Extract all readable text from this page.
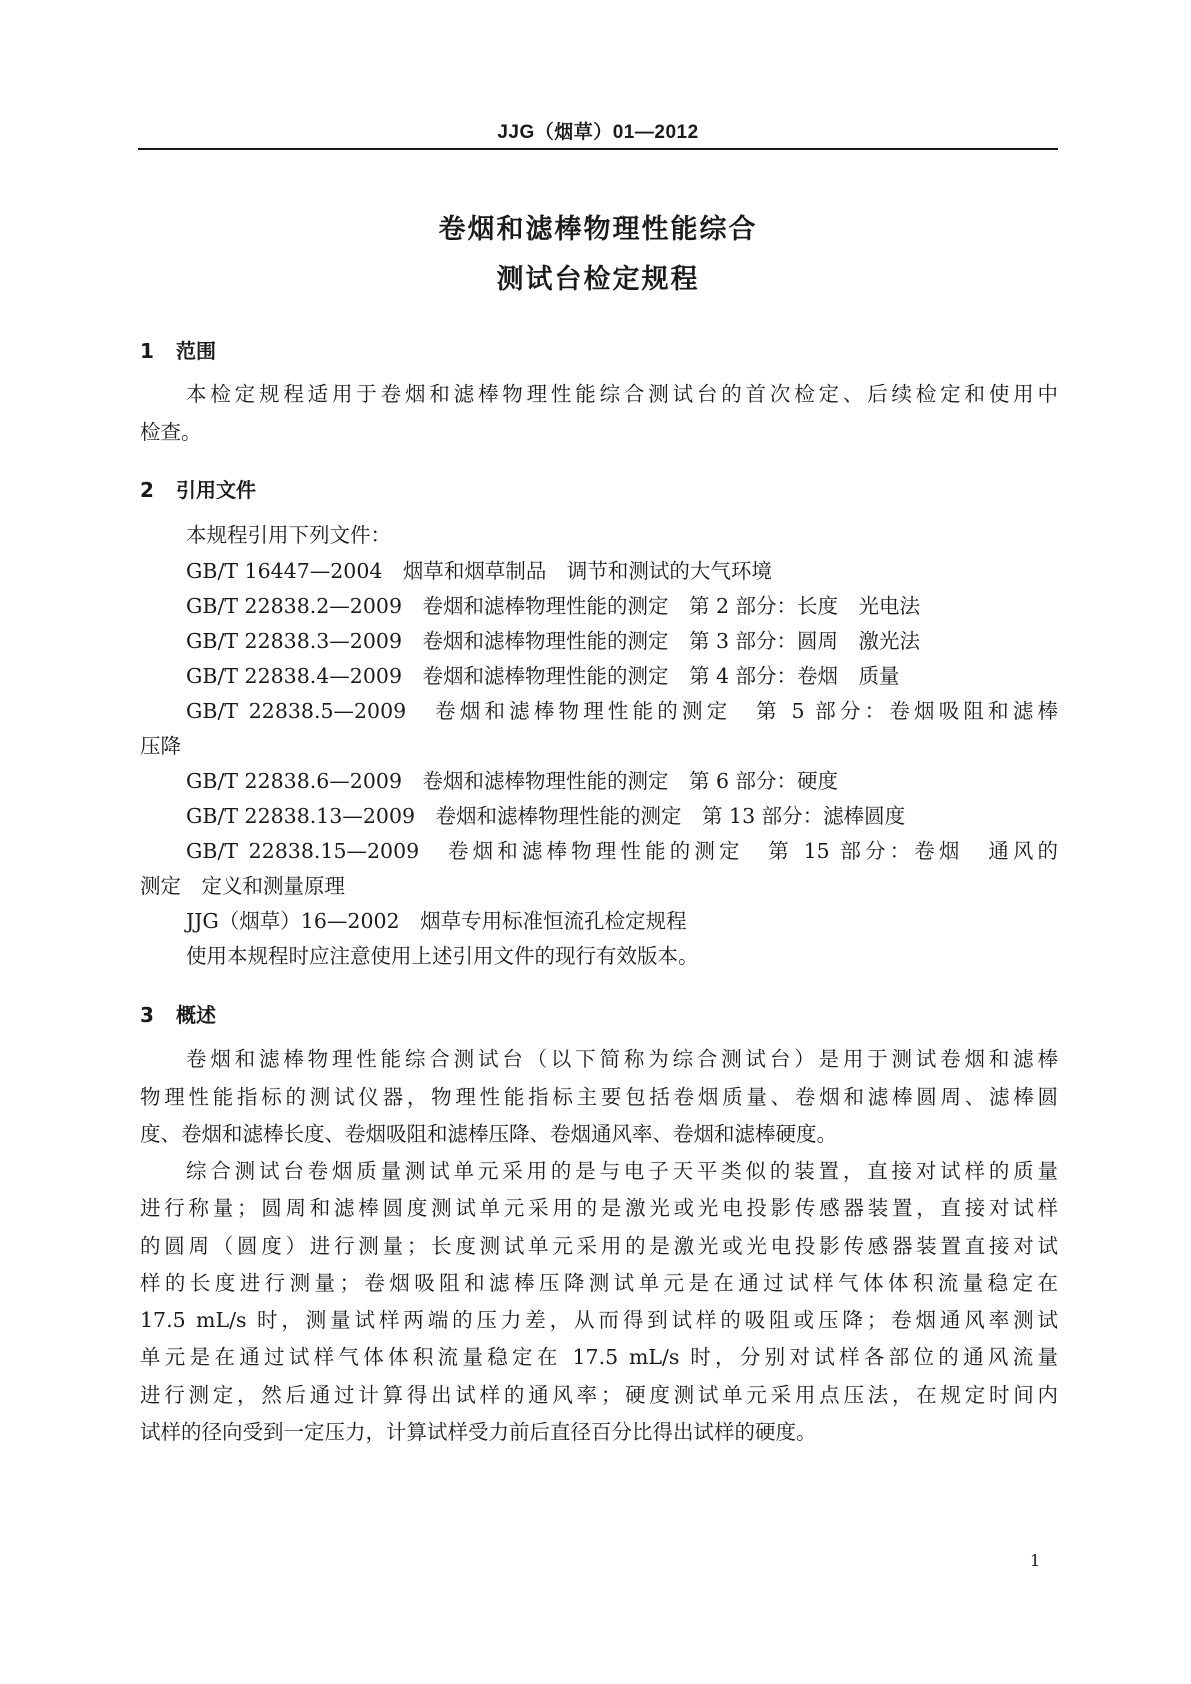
JJG（烟草）01—2012
卷烟和滤棒物理性能综合
测试台检定规程
1 范围
本检定规程适用于卷烟和滤棒物理性能综合测试台的首次检定、后续检定和使用中
检查。
2 引用文件
本规程引用下列文件：
GB/T 16447—2004　烟草和烟草制品　调节和测试的大气环境
GB/T 22838.2—2009　卷烟和滤棒物理性能的测定　第 2 部分：长度　光电法
GB/T 22838.3—2009　卷烟和滤棒物理性能的测定　第 3 部分：圆周　激光法
GB/T 22838.4—2009　卷烟和滤棒物理性能的测定　第 4 部分：卷烟　质量
GB/T 22838.5—2009　卷烟和滤棒物理性能的测定　第 5 部分：卷烟吸阻和滤棒
压降
GB/T 22838.6—2009　卷烟和滤棒物理性能的测定　第 6 部分：硬度
GB/T 22838.13—2009　卷烟和滤棒物理性能的测定　第 13 部分：滤棒圆度
GB/T 22838.15—2009　卷烟和滤棒物理性能的测定　第 15 部分：卷烟　通风的
测定　定义和测量原理
JJG（烟草）16—2002　烟草专用标准恒流孔检定规程
使用本规程时应注意使用上述引用文件的现行有效版本。
3 概述
卷烟和滤棒物理性能综合测试台（以下简称为综合测试台）是用于测试卷烟和滤棒
物理性能指标的测试仪器，物理性能指标主要包括卷烟质量、卷烟和滤棒圆周、滤棒圆
度、卷烟和滤棒长度、卷烟吸阻和滤棒压降、卷烟通风率、卷烟和滤棒硬度。
综合测试台卷烟质量测试单元采用的是与电子天平类似的装置，直接对试样的质量
进行称量；圆周和滤棒圆度测试单元采用的是激光或光电投影传感器装置，直接对试样
的圆周（圆度）进行测量；长度测试单元采用的是激光或光电投影传感器装置直接对试
样的长度进行测量；卷烟吸阻和滤棒压降测试单元是在通过试样气体体积流量稳定在
17.5 mL/s 时，测量试样两端的压力差，从而得到试样的吸阻或压降；卷烟通风率测试
单元是在通过试样气体体积流量稳定在 17.5 mL/s 时，分别对试样各部位的通风流量
进行测定，然后通过计算得出试样的通风率；硬度测试单元采用点压法，在规定时间内
试样的径向受到一定压力，计算试样受力前后直径百分比得出试样的硬度。
1
